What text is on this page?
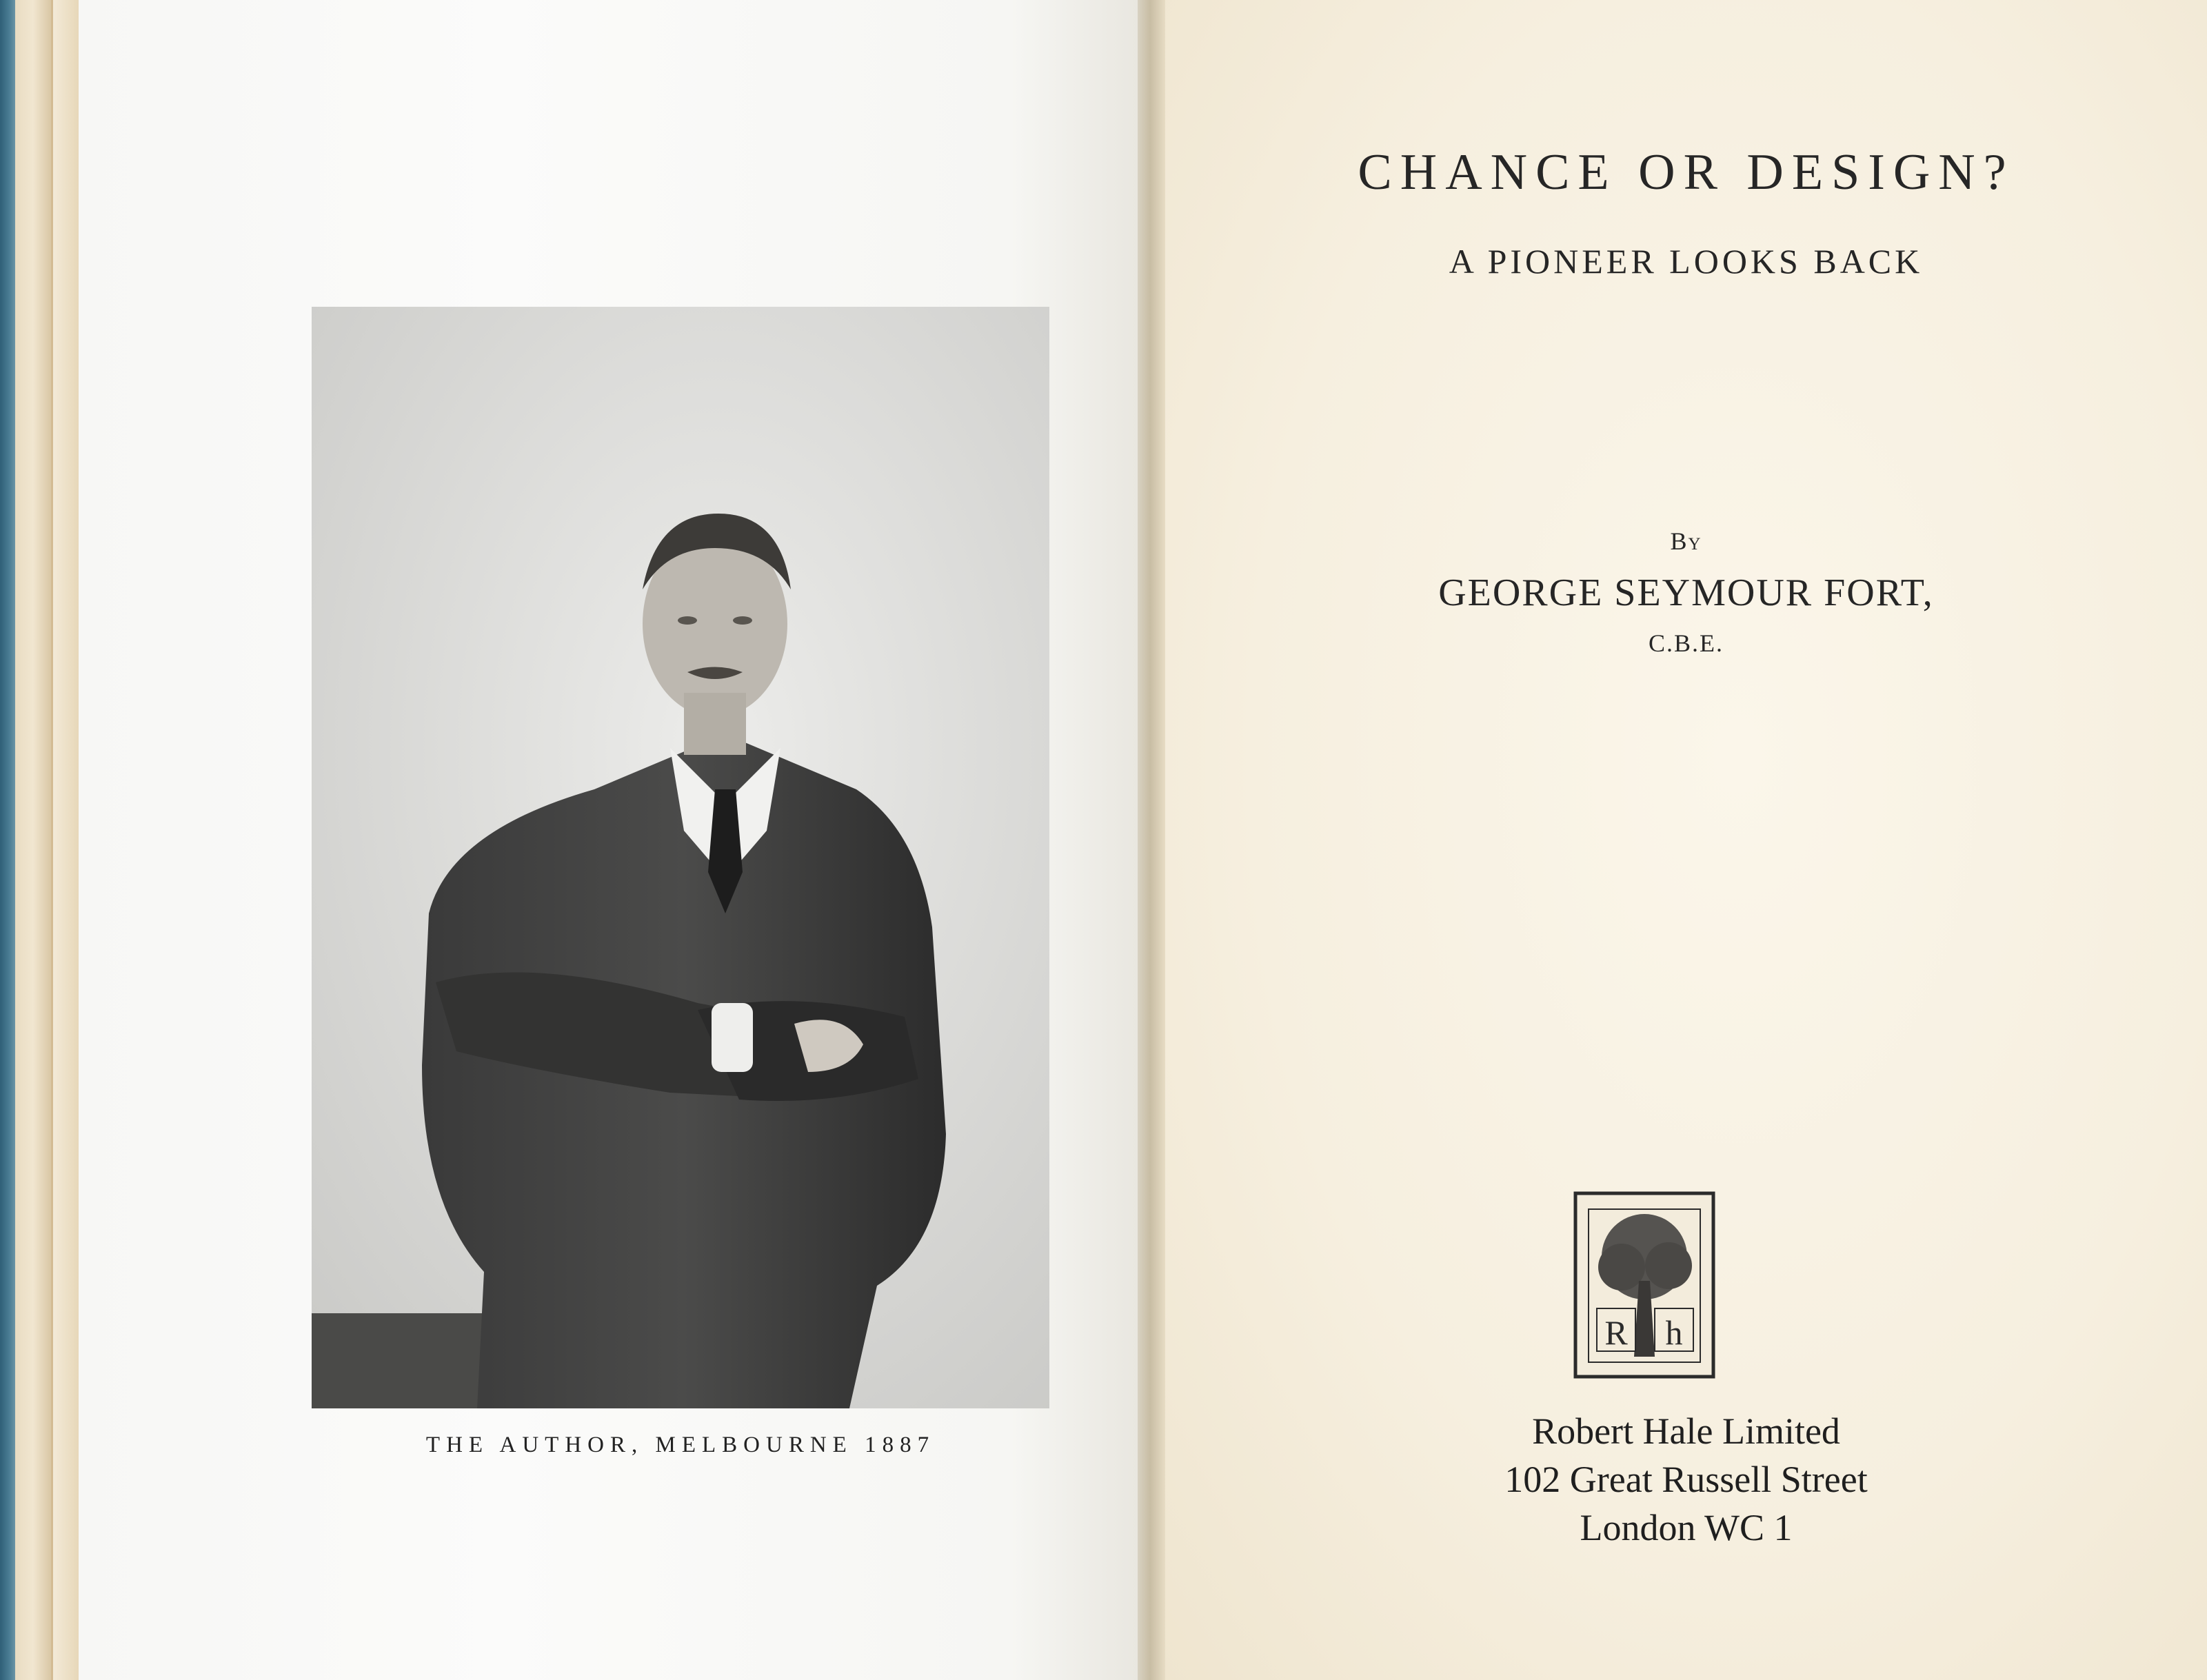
THE AUTHOR, MELBOURNE 1887
CHANCE OR DESIGN?
A PIONEER LOOKS BACK
By
GEORGE SEYMOUR FORT,
C.B.E.
R h
Robert Hale Limited
102 Great Russell Street
London WC 1
